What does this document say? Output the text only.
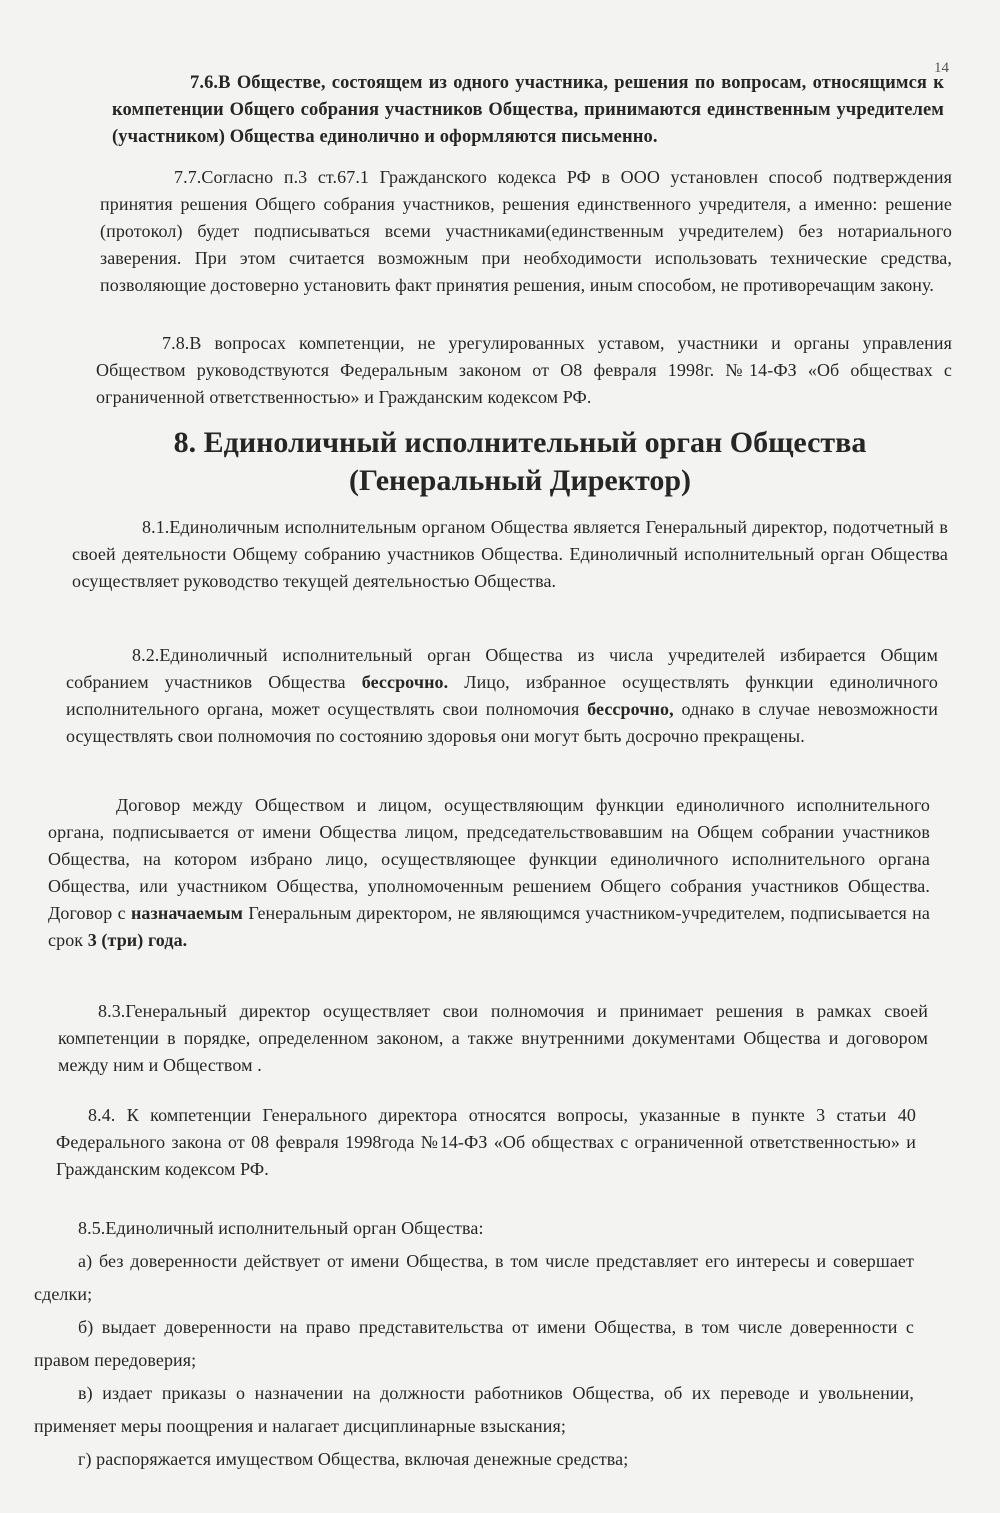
14

7.6.В Обществе, состоящем из одного участника, решения по вопросам, относящимся к компетенции Общего собрания участников Общества, принимаются единственным учредителем (участником) Общества единолично и оформляются письменно.

7.7.Согласно п.3 ст.67.1 Гражданского кодекса РФ в ООО установлен способ подтверждения принятия решения Общего собрания участников, решения единственного учредителя, а именно: решение (протокол) будет подписываться всеми участниками(единственным учредителем) без нотариального заверения. При этом считается возможным при необходимости использовать технические средства, позволяющие достоверно установить факт принятия решения, иным способом, не противоречащим закону.

7.8.В вопросах компетенции, не урегулированных уставом, участники и органы управления Обществом руководствуются Федеральным законом от О8 февраля 1998г. №14-ФЗ «Об обществах с ограниченной ответственностью» и Гражданским кодексом РФ.

8. Единоличный исполнительный орган Общества
(Генеральный Директор)

8.1.Единоличным исполнительным органом Общества является Генеральный директор, подотчетный в своей деятельности Общему собранию участников Общества. Единоличный исполнительный орган Общества осуществляет руководство текущей деятельностью Общества.

8.2.Единоличный исполнительный орган Общества из числа учредителей избирается Общим собранием участников Общества бессрочно. Лицо, избранное осуществлять функции единоличного исполнительного органа, может осуществлять свои полномочия бессрочно, однако в случае невозможности осуществлять свои полномочия по состоянию здоровья они могут быть досрочно прекращены.

Договор между Обществом и лицом, осуществляющим функции единоличного исполнительного органа, подписывается от имени Общества лицом, председательствовавшим на Общем собрании участников Общества, на котором избрано лицо, осуществляющее функции единоличного исполнительного органа Общества, или участником Общества, уполномоченным решением Общего собрания участников Общества. Договор с назначаемым Генеральным директором, не являющимся участником-учредителем, подписывается на срок 3 (три) года.

8.3.Генеральный директор осуществляет свои полномочия и принимает решения в рамках своей компетенции в порядке, определенном законом, а также внутренними документами Общества и договором между ним и Обществом .

8.4. К компетенции Генерального директора относятся вопросы, указанные в пункте 3 статьи 40 Федерального закона от 08 февраля 1998года №14-ФЗ «Об обществах с ограниченной ответственностью» и Гражданским кодексом РФ.

8.5.Единоличный исполнительный орган Общества:
а) без доверенности действует от имени Общества, в том числе представляет его интересы и совершает сделки;
б) выдает доверенности на право представительства от имени Общества, в том числе доверенности с правом передоверия;
в) издает приказы о назначении на должности работников Общества, об их переводе и увольнении, применяет меры поощрения и налагает дисциплинарные взыскания;
г) распоряжается имуществом Общества, включая денежные средства;
